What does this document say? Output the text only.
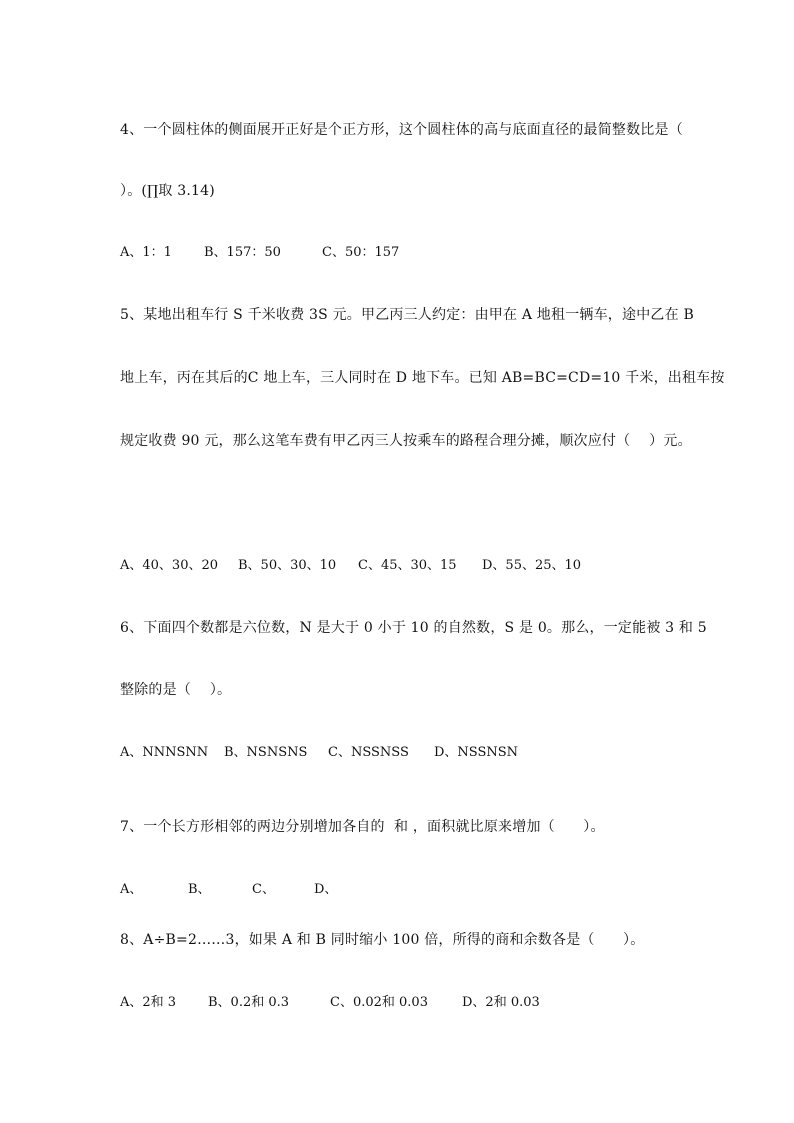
4、一个圆柱体的侧面展开正好是个正方形，这个圆柱体的高与底面直径的最简整数比是（
）。(∏取 3.14)
A、1：1 B、157：50	C、50：157
5、某地出租车行 S 千米收费 3S 元。甲乙丙三人约定：由甲在 A 地租一辆车，途中乙在 B
地上车，丙在其后的C 地上车，三人同时在 D 地下车。已知 AB=BC=CD=10 千米，出租车按
规定收费 90 元，那么这笔车费有甲乙丙三人按乘车的路程合理分摊，顺次应付（　 ）元。
A、40、30、20 B、50、30、10 C、45、30、15 D、55、25、10
6、下面四个数都是六位数，N 是大于 0 小于 10 的自然数，S 是 0。那么，一定能被 3 和 5
整除的是（　 ）。
A、NNNSNN B、NSNSNS C、NSSNSS D、NSSNSN
7、一个长方形相邻的两边分别增加各自的  和 ，面积就比原来增加（　　）。
A、	B、	C、	D、
8、A÷B=2……3，如果 A 和 B 同时缩小 100 倍，所得的商和余数各是（　　）。
A、2和 3 B、0.2和 0.3	C、0.02和 0.03	D、2和 0.03
